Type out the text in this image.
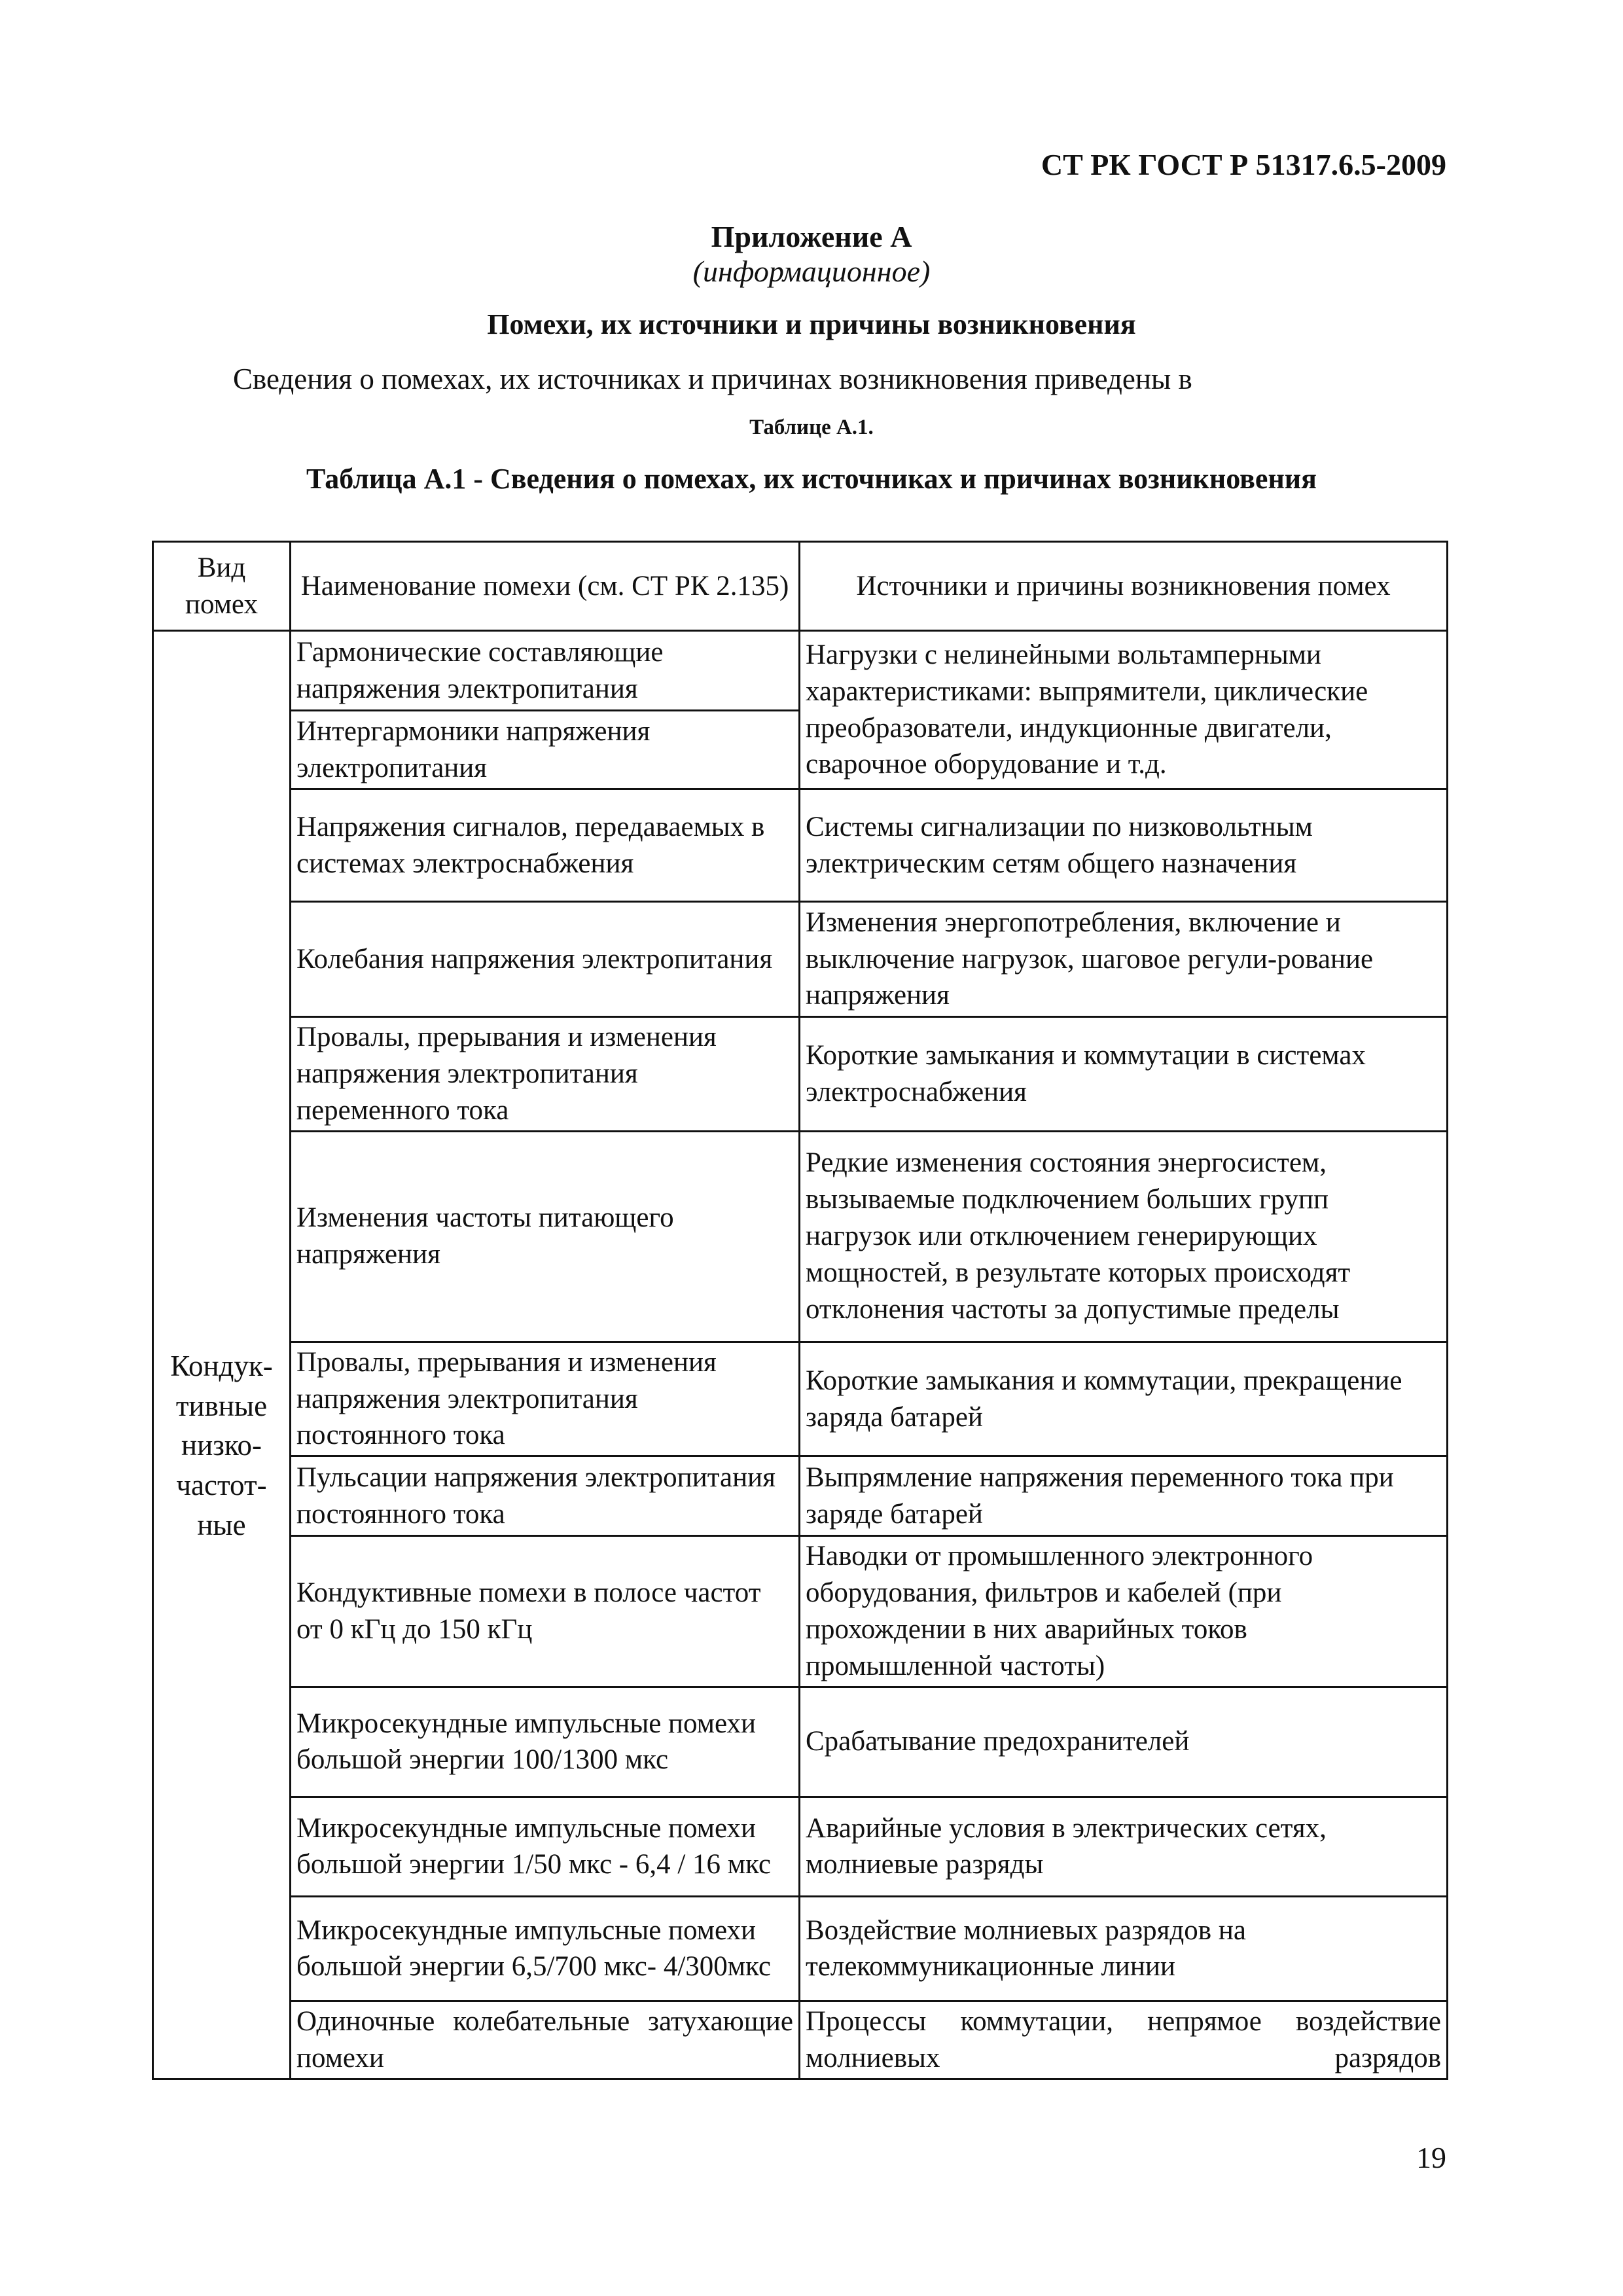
СТ РК ГОСТ Р 51317.6.5-2009
Приложение А
(информационное)
Помехи, их источники и причины возникновения
Сведения о помехах, их источниках и причинах возникновения приведены в
Таблице А.1.
Таблица А.1 - Сведения о помехах, их источниках и причинах возникновения
Вид помех	Наименование помехи (см. СТ РК 2.135)	Источники и причины возникновения помех
Кондук-тивные низко-частот-ные	Гармонические составляющие напряжения электропитания	Нагрузки с нелинейными вольтамперными характеристиками: выпрямители, циклические преобразователи, индукционные двигатели, сварочное оборудование и т.д.
	Интергармоники напряжения электропитания	
	Напряжения сигналов, передаваемых в системах электроснабжения	Системы сигнализации по низковольтным электрическим сетям общего назначения
	Колебания напряжения электропитания	Изменения энергопотребления, включение и выключение нагрузок, шаговое регули-рование напряжения
	Провалы, прерывания и изменения напряжения электропитания переменного тока	Короткие замыкания и коммутации в системах электроснабжения
	Изменения частоты питающего напряжения	Редкие изменения состояния энергосистем, вызываемые подключением больших групп нагрузок или отключением генерирующих мощностей, в результате которых происходят отклонения частоты за допустимые пределы
	Провалы, прерывания и изменения напряжения электропитания постоянного тока	Короткие замыкания и коммутации, прекращение заряда батарей
	Пульсации напряжения электропитания постоянного тока	Выпрямление напряжения переменного тока при заряде батарей
	Кондуктивные помехи в полосе частот от 0 кГц до 150 кГц	Наводки от промышленного электронного оборудования, фильтров и кабелей (при прохождении в них аварийных токов промышленной частоты)
	Микросекундные импульсные помехи большой энергии 100/1300 мкс	Срабатывание предохранителей
	Микросекундные импульсные помехи большой энергии 1/50 мкс - 6,4 / 16 мкс	Аварийные условия в электрических сетях, молниевые разряды
	Микросекундные импульсные помехи большой энергии 6,5/700 мкс- 4/300мкс	Воздействие молниевых разрядов на телекоммуникационные линии
	Одиночные колебательные затухающие помехи	Процессы коммутации, непрямое воздействие молниевых разрядов
19
